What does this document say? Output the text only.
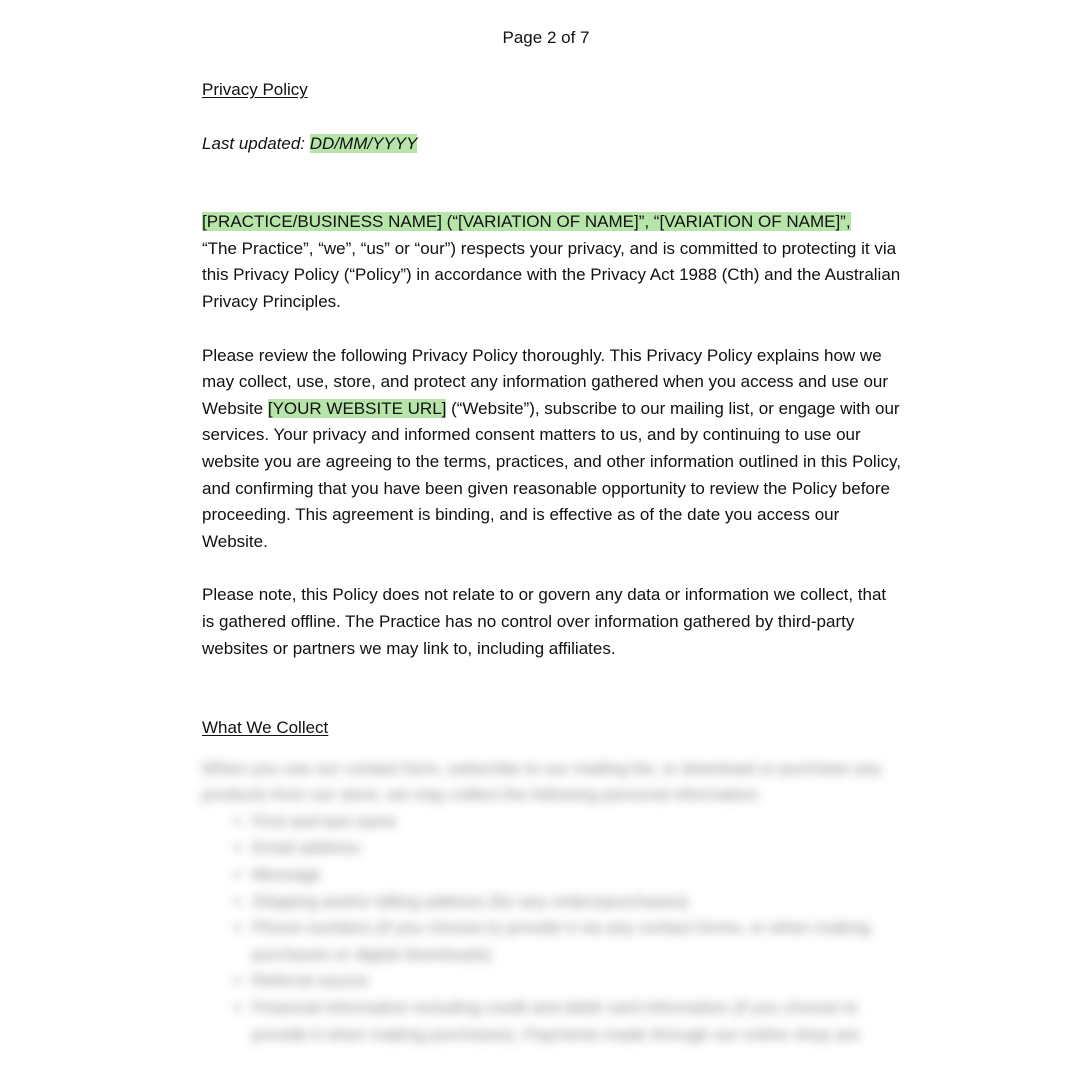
Page 2 of 7

Privacy Policy

Last updated: DD/MM/YYYY

[PRACTICE/BUSINESS NAME] (“[VARIATION OF NAME]”, “[VARIATION OF NAME]”,
“The Practice”, “we”, “us” or “our”) respects your privacy, and is committed to protecting it via this Privacy Policy (“Policy”) in accordance with the Privacy Act 1988 (Cth) and the Australian Privacy Principles.

Please review the following Privacy Policy thoroughly. This Privacy Policy explains how we may collect, use, store, and protect any information gathered when you access and use our Website [YOUR WEBSITE URL] (“Website”), subscribe to our mailing list, or engage with our services. Your privacy and informed consent matters to us, and by continuing to use our website you are agreeing to the terms, practices, and other information outlined in this Policy, and confirming that you have been given reasonable opportunity to review the Policy before proceeding. This agreement is binding, and is effective as of the date you access our Website.

Please note, this Policy does not relate to or govern any data or information we collect, that is gathered offline. The Practice has no control over information gathered by third-party websites or partners we may link to, including affiliates.

What We Collect

When you use our contact form, subscribe to our mailing list, or download or purchase any products from our store, we may collect the following personal information:

• First and last name
• Email address
• Message
• Shipping and/or billing address (for any orders/purchases)
• Phone numbers (if you choose to provide it via any contact forms, or when making purchases or digital downloads)
• Referral source
• Financial information including credit and debit card information (if you choose to provide it when making purchases). Payments made through our online shop are
